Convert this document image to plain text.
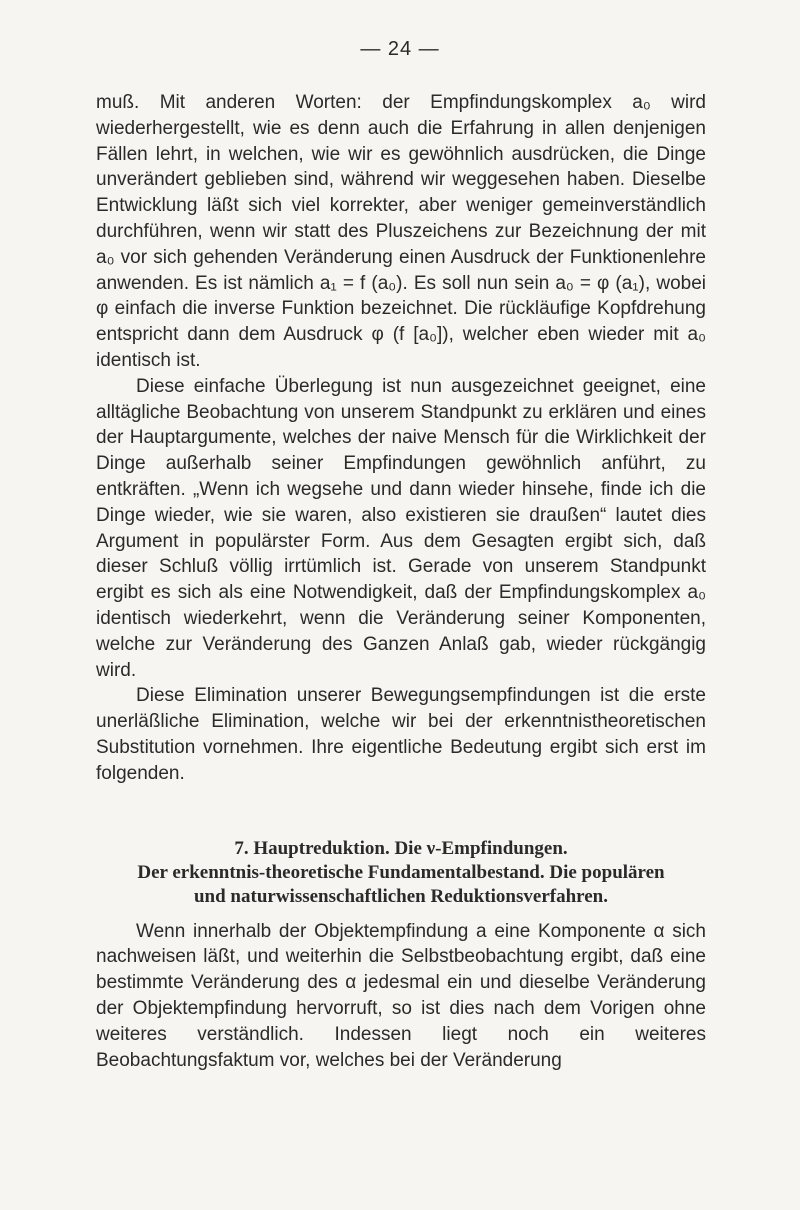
— 24 —

muß. Mit anderen Worten: der Empfindungskomplex a₀ wird wiederhergestellt, wie es denn auch die Erfahrung in allen denjenigen Fällen lehrt, in welchen, wie wir es gewöhnlich ausdrücken, die Dinge unverändert geblieben sind, während wir weggesehen haben. Dieselbe Entwicklung läßt sich viel korrekter, aber weniger gemeinverständlich durchführen, wenn wir statt des Pluszeichens zur Bezeichnung der mit a₀ vor sich gehenden Veränderung einen Ausdruck der Funktionenlehre anwenden. Es ist nämlich a₁ = f (a₀). Es soll nun sein a₀ = φ (a₁), wobei φ einfach die inverse Funktion bezeichnet. Die rückläufige Kopfdrehung entspricht dann dem Ausdruck φ (f [a₀]), welcher eben wieder mit a₀ identisch ist.

Diese einfache Überlegung ist nun ausgezeichnet geeignet, eine alltägliche Beobachtung von unserem Standpunkt zu erklären und eines der Hauptargumente, welches der naive Mensch für die Wirklichkeit der Dinge außerhalb seiner Empfindungen gewöhnlich anführt, zu entkräften. „Wenn ich wegsehe und dann wieder hinsehe, finde ich die Dinge wieder, wie sie waren, also existieren sie draußen“ lautet dies Argument in populärster Form. Aus dem Gesagten ergibt sich, daß dieser Schluß völlig irrtümlich ist. Gerade von unserem Standpunkt ergibt es sich als eine Notwendigkeit, daß der Empfindungskomplex a₀ identisch wiederkehrt, wenn die Veränderung seiner Komponenten, welche zur Veränderung des Ganzen Anlaß gab, wieder rückgängig wird.

Diese Elimination unserer Bewegungsempfindungen ist die erste unerläßliche Elimination, welche wir bei der erkenntnistheoretischen Substitution vornehmen. Ihre eigentliche Bedeutung ergibt sich erst im folgenden.

7. Hauptreduktion. Die ν-Empfindungen.

Der erkenntnis-theoretische Fundamentalbestand. Die populären

und naturwissenschaftlichen Reduktionsverfahren.

Wenn innerhalb der Objektempfindung a eine Komponente α sich nachweisen läßt, und weiterhin die Selbstbeobachtung ergibt, daß eine bestimmte Veränderung des α jedesmal ein und dieselbe Veränderung der Objektempfindung hervorruft, so ist dies nach dem Vorigen ohne weiteres verständlich. Indessen liegt noch ein weiteres Beobachtungsfaktum vor, welches bei der Veränderung
